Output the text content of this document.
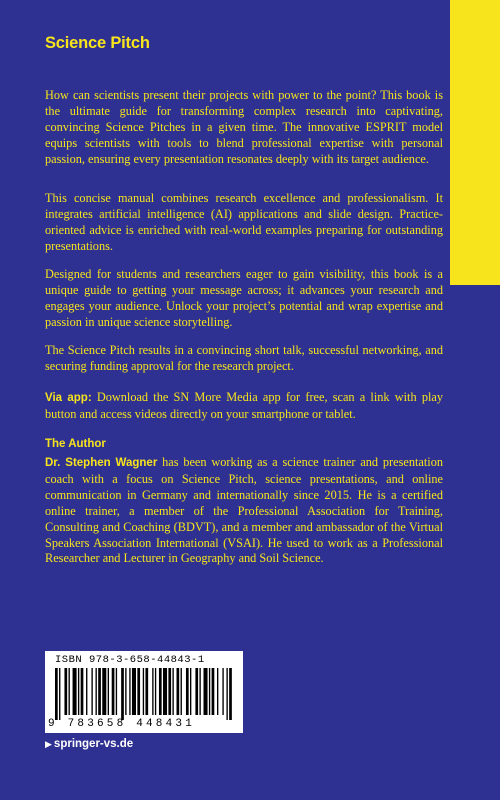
Science Pitch

How can scientists present their projects with power to the point? This book is the ultimate guide for transforming complex research into captivating, convincing Science Pitches in a given time. The innovative ESPRIT model equips scientists with tools to blend professional expertise with personal passion, ensuring every presentation resonates deeply with its target audience.

This concise manual combines research excellence and professionalism. It integrates artificial intelligence (AI) applications and slide design. Practice-oriented advice is enriched with real-world examples preparing for outstanding presentations.

Designed for students and researchers eager to gain visibility, this book is a unique guide to getting your message across; it advances your research and engages your audience. Unlock your project’s potential and wrap expertise and passion in unique science storytelling.

The Science Pitch results in a convincing short talk, successful networking, and securing funding approval for the research project.

Via app: Download the SN More Media app for free, scan a link with play button and access videos directly on your smartphone or tablet.

The Author

Dr. Stephen Wagner has been working as a science trainer and presentation coach with a focus on Science Pitch, science presentations, and online communication in Germany and internationally since 2015. He is a certified online trainer, a member of the Professional Association for Training, Consulting and Coaching (BDVT), and a member and ambassador of the Virtual Speakers Association International (VSAI). He used to work as a Professional Researcher and Lecturer in Geography and Soil Science.

ISBN 978-3-658-44843-1
9 783658 448431
▶ springer-vs.de
